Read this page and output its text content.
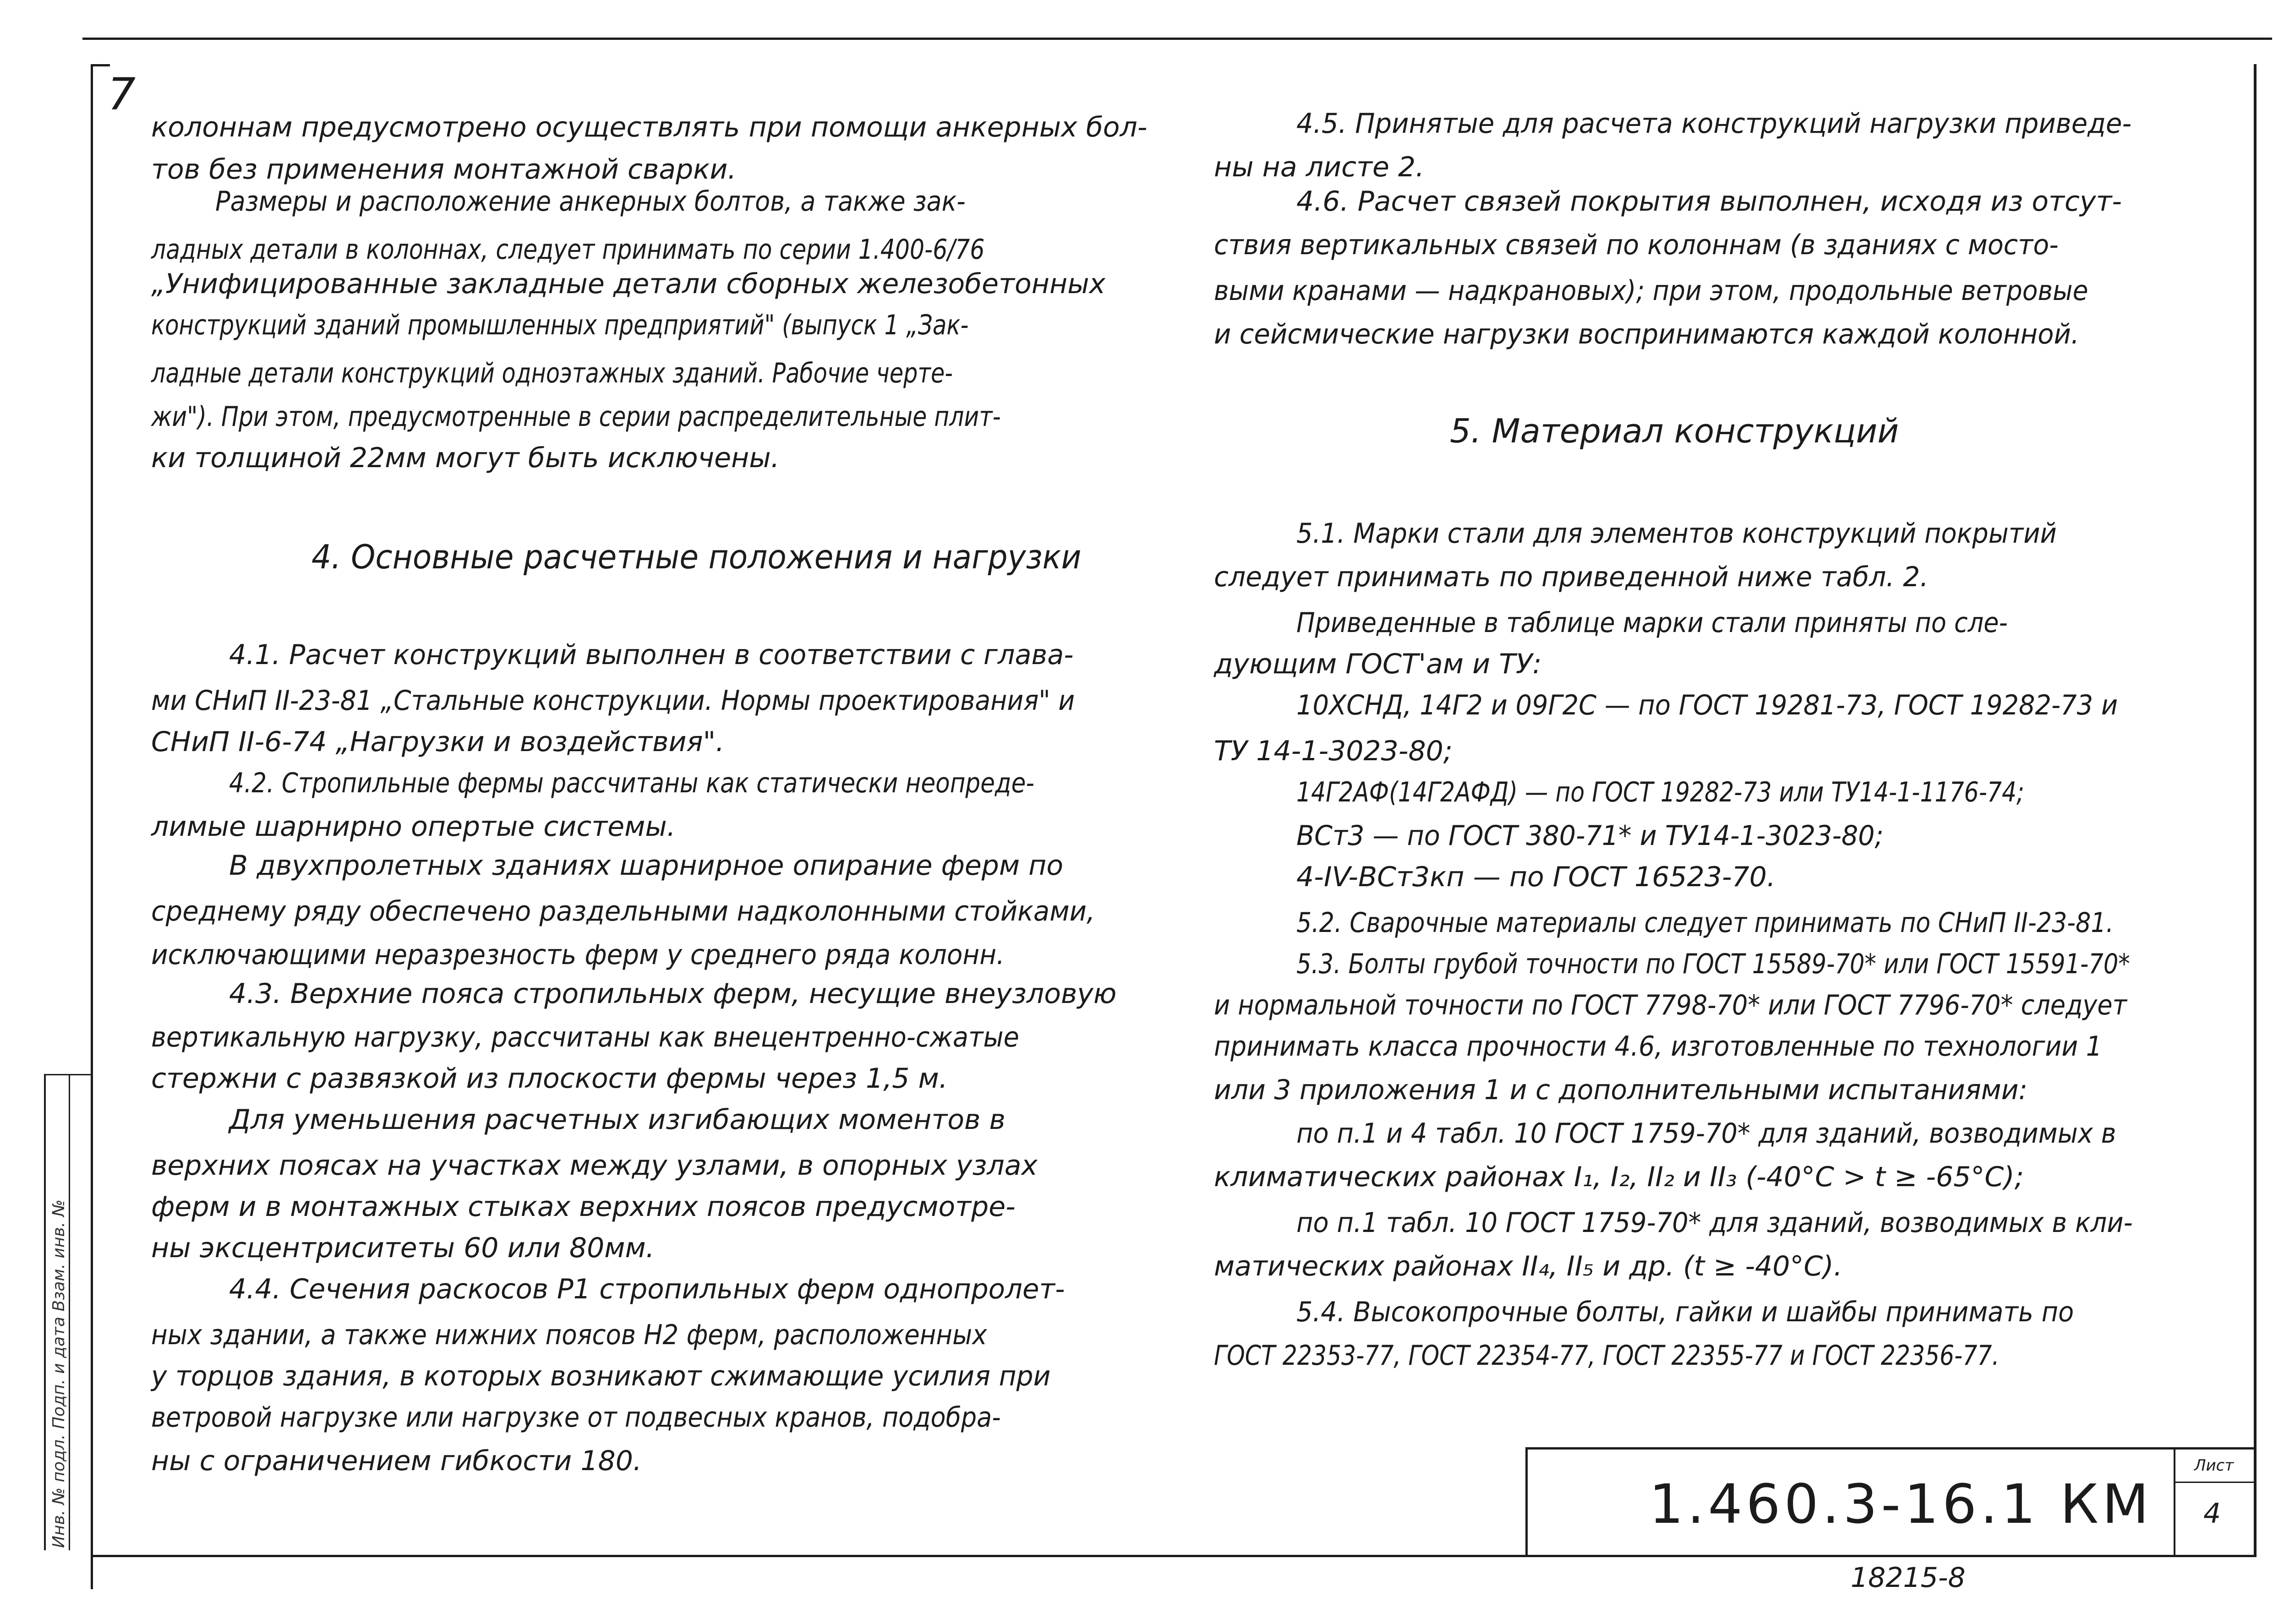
Инв. № подл. Подп. и дата Взам. инв. №
7
1.460.3-16.1 КМ
Лист
4
18215-8
колоннам предусмотрено осуществлять при помощи анкерных бол-
тов без применения монтажной сварки.
Размеры и расположение анкерных болтов, а также зак-
ладных детали в колоннах, следует принимать по серии 1.400-6/76
„Унифицированные закладные детали сборных железобетонных
конструкций зданий промышленных предприятий" (выпуск 1 „Зак-
ладные детали конструкций одноэтажных зданий. Рабочие черте-
жи"). При этом, предусмотренные в серии распределительные плит-
ки толщиной 22мм могут быть исключены.
4. Основные расчетные положения и нагрузки
4.1. Расчет конструкций выполнен в соответствии с глава-
ми СНиП II-23-81 „Стальные конструкции. Нормы проектирования" и
СНиП II-6-74 „Нагрузки и воздействия".
4.2. Стропильные фермы рассчитаны как статически неопреде-
лимые шарнирно опертые системы.
В двухпролетных зданиях шарнирное опирание ферм по
среднему ряду обеспечено раздельными надколонными стойками,
исключающими неразрезность ферм у среднего ряда колонн.
4.3. Верхние пояса стропильных ферм, несущие внеузловую
вертикальную нагрузку, рассчитаны как внецентренно-сжатые
стержни с развязкой из плоскости фермы через 1,5 м.
Для уменьшения расчетных изгибающих моментов в
верхних поясах на участках между узлами, в опорных узлах
ферм и в монтажных стыках верхних поясов предусмотре-
ны эксцентриситеты 60 или 80мм.
4.4. Сечения раскосов Р1 стропильных ферм однопролет-
ных здании, а также нижних поясов Н2 ферм, расположенных
у торцов здания, в которых возникают сжимающие усилия при
ветровой нагрузке или нагрузке от подвесных кранов, подобра-
ны с ограничением гибкости 180.
4.5. Принятые для расчета конструкций нагрузки приведе-
ны на листе 2.
4.6. Расчет связей покрытия выполнен, исходя из отсут-
ствия вертикальных связей по колоннам (в зданиях с мосто-
выми кранами — надкрановых); при этом, продольные ветровые
и сейсмические нагрузки воспринимаются каждой колонной.
5. Материал конструкций
5.1. Марки стали для элементов конструкций покрытий
следует принимать по приведенной ниже табл. 2.
Приведенные в таблице марки стали приняты по сле-
дующим ГОСТ'ам и ТУ:
10ХСНД, 14Г2 и 09Г2С — по ГОСТ 19281-73, ГОСТ 19282-73 и
ТУ 14-1-3023-80;
14Г2АФ(14Г2АФД) — по ГОСТ 19282-73 или ТУ14-1-1176-74;
ВСт3 — по ГОСТ 380-71* и ТУ14-1-3023-80;
4-IV-ВСт3кп — по ГОСТ 16523-70.
5.2. Сварочные материалы следует принимать по СНиП II-23-81.
5.3. Болты грубой точности по ГОСТ 15589-70* или ГОСТ 15591-70*
и нормальной точности по ГОСТ 7798-70* или ГОСТ 7796-70* следует
принимать класса прочности 4.6, изготовленные по технологии 1
или 3 приложения 1 и с дополнительными испытаниями:
по п.1 и 4 табл. 10 ГОСТ 1759-70* для зданий, возводимых в
климатических районах I₁, I₂, II₂ и II₃ (-40°С > t ≥ -65°С);
по п.1 табл. 10 ГОСТ 1759-70* для зданий, возводимых в кли-
матических районах II₄, II₅ и др. (t ≥ -40°С).
5.4. Высокопрочные болты, гайки и шайбы принимать по
ГОСТ 22353-77, ГОСТ 22354-77, ГОСТ 22355-77 и ГОСТ 22356-77.
